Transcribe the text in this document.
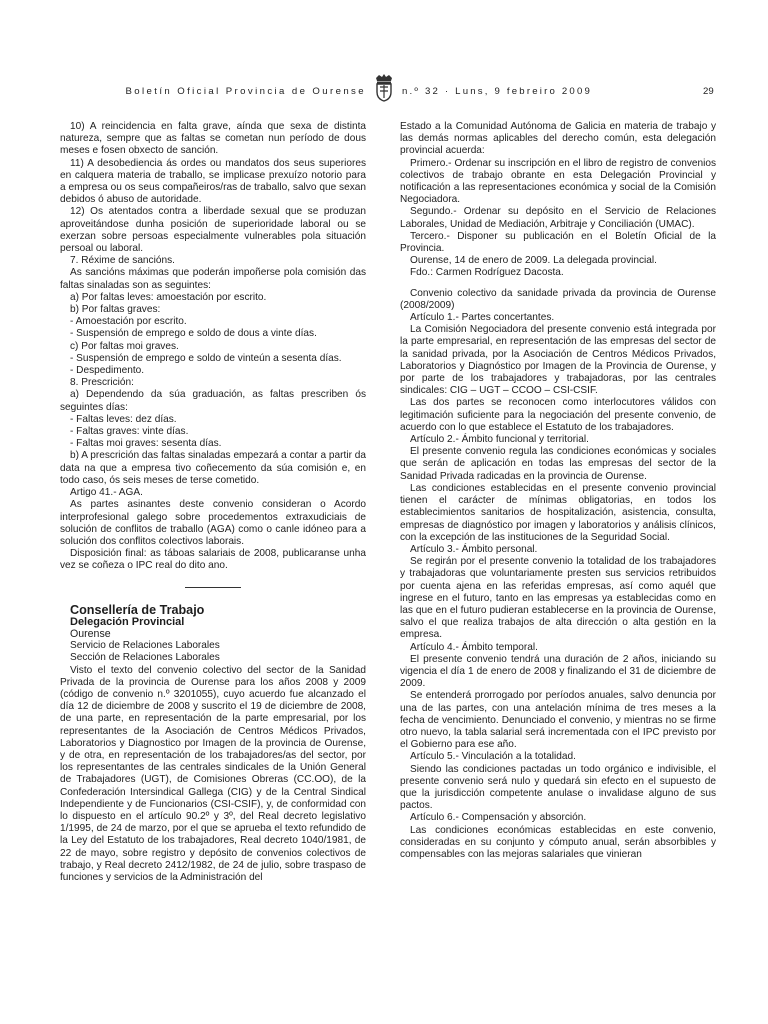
Boletín Oficial Provincia de Ourense	n.º 32 · Luns, 9 febreiro 2009	29

10) A reincidencia en falta grave, aínda que sexa de distinta natureza, sempre que as faltas se cometan nun período de dous meses e fosen obxecto de sanción.

11) A desobediencia ás ordes ou mandatos dos seus superiores en calquera materia de traballo, se implicase prexuízo notorio para a empresa ou os seus compañeiros/ras de traballo, salvo que sexan debidos ó abuso de autoridade.

12) Os atentados contra a liberdade sexual que se produzan aproveitándose dunha posición de superioridade laboral ou se exerzan sobre persoas especialmente vulnerables pola situación persoal ou laboral.

7. Réxime de sancións.

As sancións máximas que poderán impoñerse pola comisión das faltas sinaladas son as seguintes:

a) Por faltas leves: amoestación por escrito.

b) Por faltas graves:

- Amoestación por escrito.

- Suspensión de emprego e soldo de dous a vinte días.

c) Por faltas moi graves.

- Suspensión de emprego e soldo de vinteún a sesenta días.

- Despedimento.

8. Prescrición:

a) Dependendo da súa graduación, as faltas prescriben ós seguintes días:

- Faltas leves: dez días.

- Faltas graves: vinte días.

- Faltas moi graves: sesenta días.

b) A prescrición das faltas sinaladas empezará a contar a partir da data na que a empresa tivo coñecemento da súa comisión e, en todo caso, ós seis meses de terse cometido.

Artigo 41.- AGA.

As partes asinantes deste convenio consideran o Acordo interprofesional galego sobre procedementos extraxudiciais de solución de conflitos de traballo (AGA) como o canle idóneo para a solución dos conflitos colectivos laborais.

Disposición final: as táboas salariais de 2008, publicaranse unha vez se coñeza o IPC real do dito ano.

Consellería de Trabajo

Delegación Provincial

Ourense

Servicio de Relaciones Laborales

Sección de Relaciones Laborales

Visto el texto del convenio colectivo del sector de la Sanidad Privada de la provincia de Ourense para los años 2008 y 2009 (código de convenio n.º 3201055), cuyo acuerdo fue alcanzado el día 12 de diciembre de 2008 y suscrito el 19 de diciembre de 2008, de una parte, en representación de la parte empresarial, por los representantes de la Asociación de Centros Médicos Privados, Laboratorios y Diagnostico por Imagen de la provincia de Ourense, y de otra, en representación de los trabajadores/as del sector, por los representantes de las centrales sindicales de la Unión General de Trabajadores (UGT), de Comisiones Obreras (CC.OO), de la Confederación Intersindical Gallega (CIG) y de la Central Sindical Independiente y de Funcionarios (CSI-CSIF), y, de conformidad con lo dispuesto en el artículo 90.2º y 3º, del Real decreto legislativo 1/1995, de 24 de marzo, por el que se aprueba el texto refundido de la Ley del Estatuto de los trabajadores, Real decreto 1040/1981, de 22 de mayo, sobre registro y depósito de convenios colectivos de trabajo, y Real decreto 2412/1982, de 24 de julio, sobre traspaso de funciones y servicios de la Administración del

Estado a la Comunidad Autónoma de Galicia en materia de trabajo y las demás normas aplicables del derecho común, esta delegación provincial acuerda:

Primero.- Ordenar su inscripción en el libro de registro de convenios colectivos de trabajo obrante en esta Delegación Provincial y notificación a las representaciones económica y social de la Comisión Negociadora.

Segundo.- Ordenar su depósito en el Servicio de Relaciones Laborales, Unidad de Mediación, Arbitraje y Conciliación (UMAC).

Tercero.- Disponer su publicación en el Boletín Oficial de la Provincia.

Ourense, 14 de enero de 2009. La delegada provincial.

Fdo.: Carmen Rodríguez Dacosta.

Convenio colectivo da sanidade privada da provincia de Ourense (2008/2009)

Artículo 1.- Partes concertantes.

La Comisión Negociadora del presente convenio está integrada por la parte empresarial, en representación de las empresas del sector de la sanidad privada, por la Asociación de Centros Médicos Privados, Laboratorios y Diagnóstico por Imagen de la Provincia de Ourense, y por parte de los trabajadores y trabajadoras, por las centrales sindicales: CIG – UGT – CCOO – CSI-CSIF.

Las dos partes se reconocen como interlocutores válidos con legitimación suficiente para la negociación del presente convenio, de acuerdo con lo que establece el Estatuto de los trabajadores.

Artículo 2.- Ámbito funcional y territorial.

El presente convenio regula las condiciones económicas y sociales que serán de aplicación en todas las empresas del sector de la Sanidad Privada radicadas en la provincia de Ourense.

Las condiciones establecidas en el presente convenio provincial tienen el carácter de mínimas obligatorias, en todos los establecimientos sanitarios de hospitalización, asistencia, consulta, empresas de diagnóstico por imagen y laboratorios y análisis clínicos, con la excepción de las instituciones de la Seguridad Social.

Artículo 3.- Ámbito personal.

Se regirán por el presente convenio la totalidad de los trabajadores y trabajadoras que voluntariamente presten sus servicios retribuidos por cuenta ajena en las referidas empresas, así como aquél que ingrese en el futuro, tanto en las empresas ya establecidas como en las que en el futuro pudieran establecerse en la provincia de Ourense, salvo el que realiza trabajos de alta dirección o alta gestión en la empresa.

Artículo 4.- Ámbito temporal.

El presente convenio tendrá una duración de 2 años, iniciando su vigencia el día 1 de enero de 2008 y finalizando el 31 de diciembre de 2009.

Se entenderá prorrogado por períodos anuales, salvo denuncia por una de las partes, con una antelación mínima de tres meses a la fecha de vencimiento. Denunciado el convenio, y mientras no se firme otro nuevo, la tabla salarial será incrementada con el IPC previsto por el Gobierno para ese año.

Artículo 5.- Vinculación a la totalidad.

Siendo las condiciones pactadas un todo orgánico e indivisible, el presente convenio será nulo y quedará sin efecto en el supuesto de que la jurisdicción competente anulase o invalidase alguno de sus pactos.

Artículo 6.- Compensación y absorción.

Las condiciones económicas establecidas en este convenio, consideradas en su conjunto y cómputo anual, serán absorbibles y compensables con las mejoras salariales que vinieran
